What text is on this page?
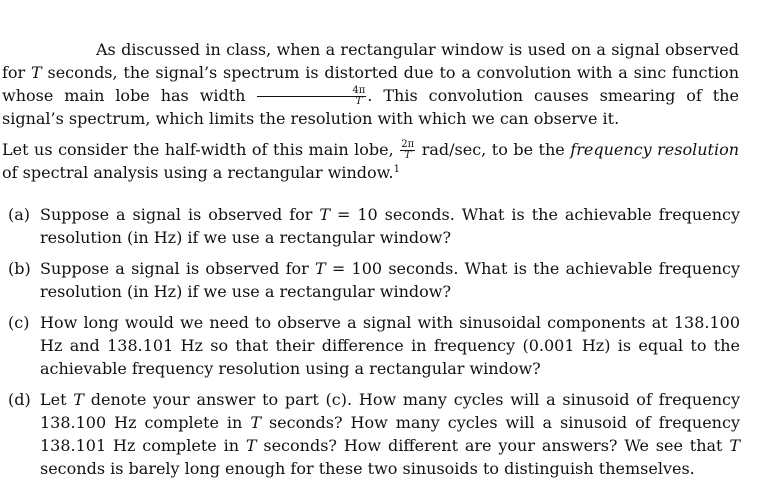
As discussed in class, when a rectangular window is used on a signal observed for T seconds, the signal’s spectrum is distorted due to a convolution with a sinc function whose main lobe has width $\frac{4\pi}{T}$ . This convolution causes smearing of the signal’s spectrum, which limits the resolution with which we can observe it.
Let us consider the half-width of this main lobe, $\frac{2\pi}{T} rad/\sec$, to be the frequency resolution of spectral analysis using a rectangular window.$^1$
(a) Suppose a signal is observed for T = 10 seconds. What is the achievable frequency resolution (in Hz) if we use a rectangular window?
(b) Suppose a signal is observed for T = 100 seconds. What is the achievable frequency resolution (in Hz) if we use a rectangular window?
(c) How long would we need to observe a signal with sinusoidal components at 138.100 Hz and 138.101 Hz so that their difference in frequency (0.001 Hz) is equal to the achievable frequency resolution using a rectangular window?
(d) Let T denote your answer to part (c). How many cycles will a sinusoid of frequency 138.100 Hz complete in T seconds? How many cycles will a sinusoid of frequency 138.101 Hz complete in T seconds? How different are your answers? We see that T seconds is barely long enough for these two sinusoids to distinguish themselves.
